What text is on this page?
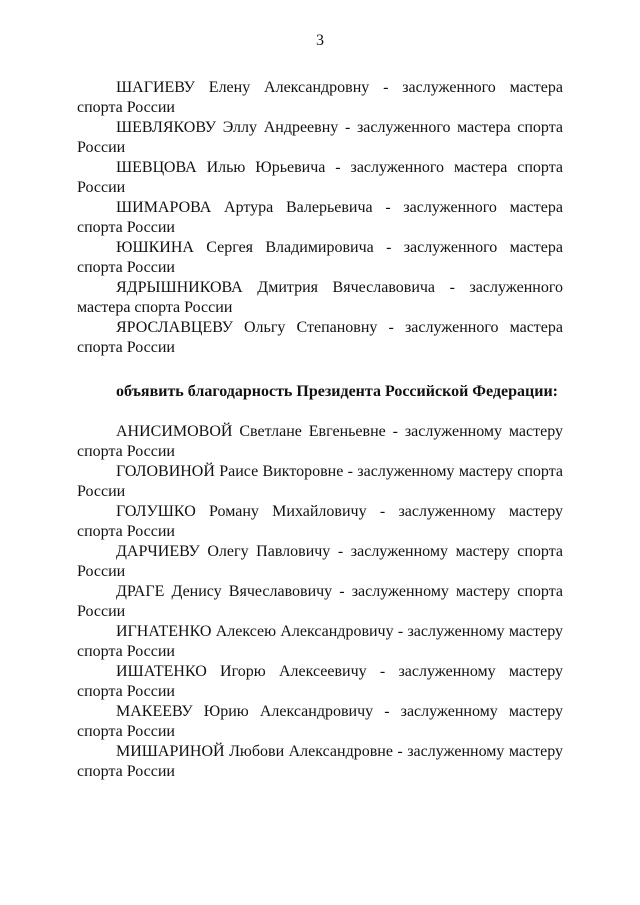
3

ШАГИЕВУ Елену Александровну - заслуженного мастера спорта России

ШЕВЛЯКОВУ Эллу Андреевну - заслуженного мастера спорта России

ШЕВЦОВА Илью Юрьевича - заслуженного мастера спорта России

ШИМАРОВА Артура Валерьевича - заслуженного мастера спорта России

ЮШКИНА Сергея Владимировича - заслуженного мастера спорта России

ЯДРЫШНИКОВА Дмитрия Вячеславовича - заслуженного мастера спорта России

ЯРОСЛАВЦЕВУ Ольгу Степановну - заслуженного мастера спорта России

объявить благодарность Президента Российской Федерации:

АНИСИМОВОЙ Светлане Евгеньевне - заслуженному мастеру спорта России

ГОЛОВИНОЙ Раисе Викторовне - заслуженному мастеру спорта России

ГОЛУШКО Роману Михайловичу - заслуженному мастеру спорта России

ДАРЧИЕВУ Олегу Павловичу - заслуженному мастеру спорта России

ДРАГЕ Денису Вячеславовичу - заслуженному мастеру спорта России

ИГНАТЕНКО Алексею Александровичу - заслуженному мастеру спорта России

ИШАТЕНКО Игорю Алексеевичу - заслуженному мастеру спорта России

МАКЕЕВУ Юрию Александровичу - заслуженному мастеру спорта России

МИШАРИНОЙ Любови Александровне - заслуженному мастеру спорта России
